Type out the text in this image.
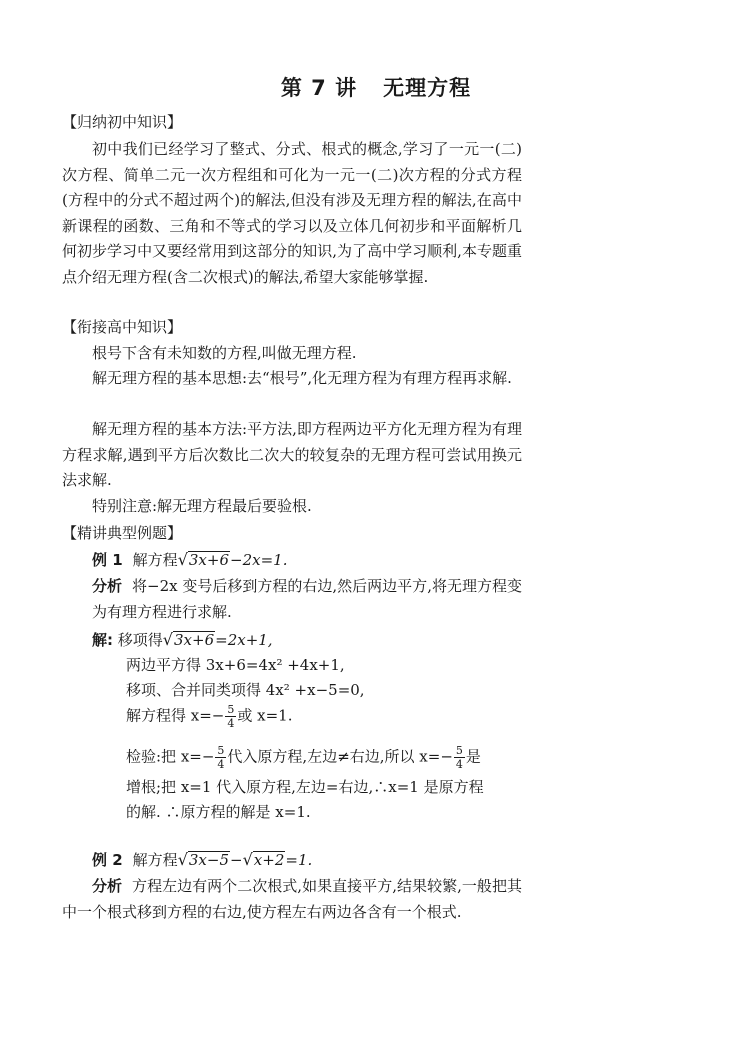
第 7 讲 无理方程
【归纳初中知识】

初中我们已经学习了整式、分式、根式的概念,学习了一元一(二)次方程、简单二元一次方程组和可化为一元一(二)次方程的分式方程(方程中的分式不超过两个)的解法,但没有涉及无理方程的解法,在高中新课程的函数、三角和不等式的学习以及立体几何初步和平面解析几何初步学习中又要经常用到这部分的知识,为了高中学习顺利,本专题重点介绍无理方程(含二次根式)的解法,希望大家能够掌握.

【衔接高中知识】

根号下含有未知数的方程,叫做无理方程.

解无理方程的基本思想:去“根号”,化无理方程为有理方程再求解.

解无理方程的基本方法:平方法,即方程两边平方化无理方程为有理方程求解,遇到平方后次数比二次大的较复杂的无理方程可尝试用换元法求解.

特别注意:解无理方程最后要验根.

【精讲典型例题】
例 1 解方程√3x+6−2x=1.

分析 将−2x 变号后移到方程的右边,然后两边平方,将无理方程变为有理方程进行求解.

解: 移项得√3x+6=2x+1,
两边平方得 3x+6=4x² +4x+1,
移项、合并同类项得 4x² +x−5=0,
解方程得 $x=- \frac{5}{4}$ 或 x=1.
检验:把 $x=- \frac{5}{4}$ 代入原方程,左边≠右边,所以 $x=- \frac{5}{4}$ 是
增根;把 x=1 代入原方程,左边=右边,∴x=1 是原方程
的解. ∴原方程的解是 x=1.
例 2 解方程√3x−5−√x+2=1.

分析 方程左边有两个二次根式,如果直接平方,结果较繁,一般把其中一个根式移到方程的右边,使方程左右两边各含有一个根式.
